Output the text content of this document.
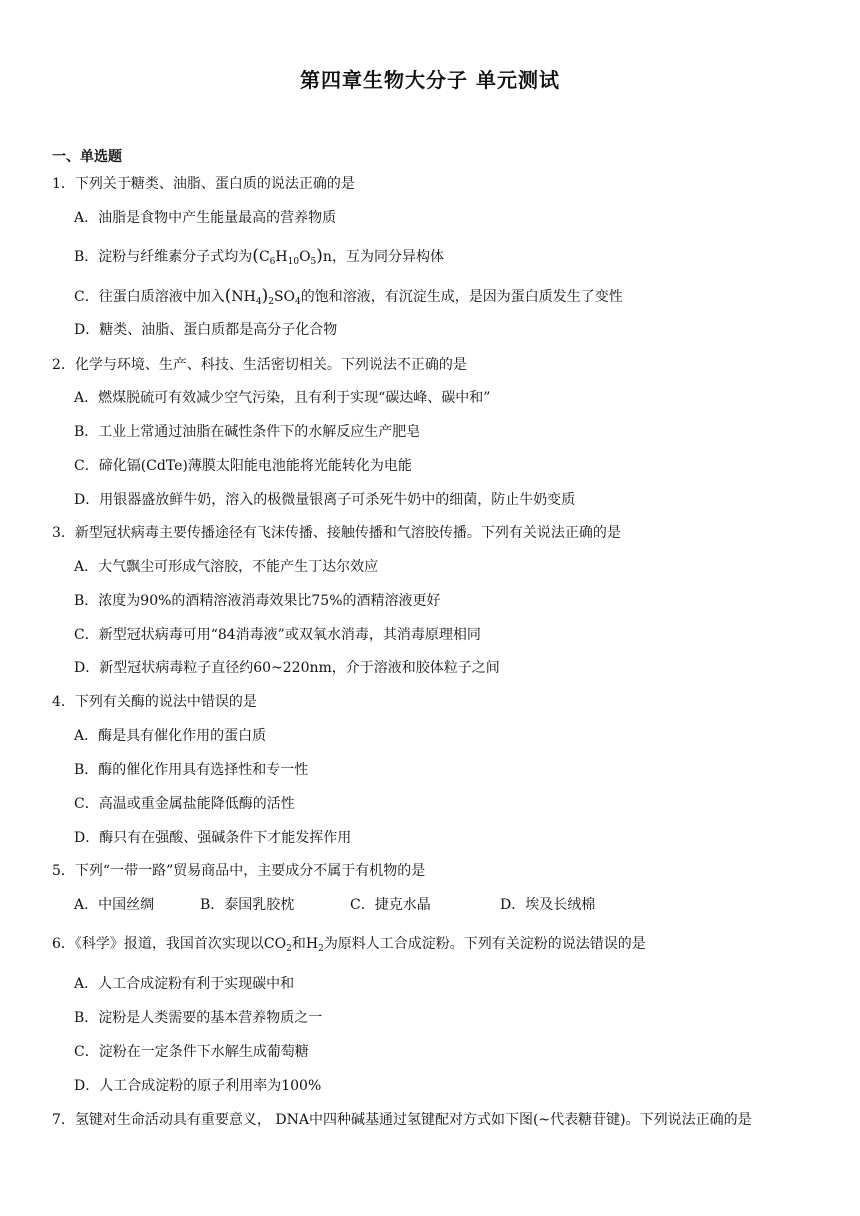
第四章生物大分子 单元测试
一、单选题
1．下列关于糖类、油脂、蛋白质的说法正确的是
A．油脂是食物中产生能量最高的营养物质
B．淀粉与纤维素分子式均为$(C_6H_{10}O_5)n$，互为同分异构体
C．往蛋白质溶液中加入$(NH_4)_2SO_4$的饱和溶液，有沉淀生成，是因为蛋白质发生了变性
D．糖类、油脂、蛋白质都是高分子化合物
2．化学与环境、生产、科技、生活密切相关。下列说法不正确的是
A．燃煤脱硫可有效减少空气污染，且有利于实现“碳达峰、碳中和”
B．工业上常通过油脂在碱性条件下的水解反应生产肥皂
C．碲化镉(CdTe)薄膜太阳能电池能将光能转化为电能
D．用银器盛放鲜牛奶，溶入的极微量银离子可杀死牛奶中的细菌，防止牛奶变质
3．新型冠状病毒主要传播途径有飞沫传播、接触传播和气溶胶传播。下列有关说法正确的是
A．大气飘尘可形成气溶胶，不能产生丁达尔效应
B．浓度为90%的酒精溶液消毒效果比75%的酒精溶液更好
C．新型冠状病毒可用“84消毒液”或双氧水消毒，其消毒原理相同
D．新型冠状病毒粒子直径约60~220nm，介于溶液和胶体粒子之间
4．下列有关酶的说法中错误的是
A．酶是具有催化作用的蛋白质
B．酶的催化作用具有选择性和专一性
C．高温或重金属盐能降低酶的活性
D．酶只有在强酸、强碱条件下才能发挥作用
5．下列“一带一路”贸易商品中，主要成分不属于有机物的是
A．中国丝绸	B．泰国乳胶枕	C．捷克水晶	D．埃及长绒棉
6．《科学》报道，我国首次实现以$CO_2$和$H_2$为原料人工合成淀粉。下列有关淀粉的说法错误的是
A．人工合成淀粉有利于实现碳中和
B．淀粉是人类需要的基本营养物质之一
C．淀粉在一定条件下水解生成葡萄糖
D．人工合成淀粉的原子利用率为100%
7．氢键对生命活动具有重要意义， DNA中四种碱基通过氢键配对方式如下图(~代表糖苷键)。下列说法正确的是
